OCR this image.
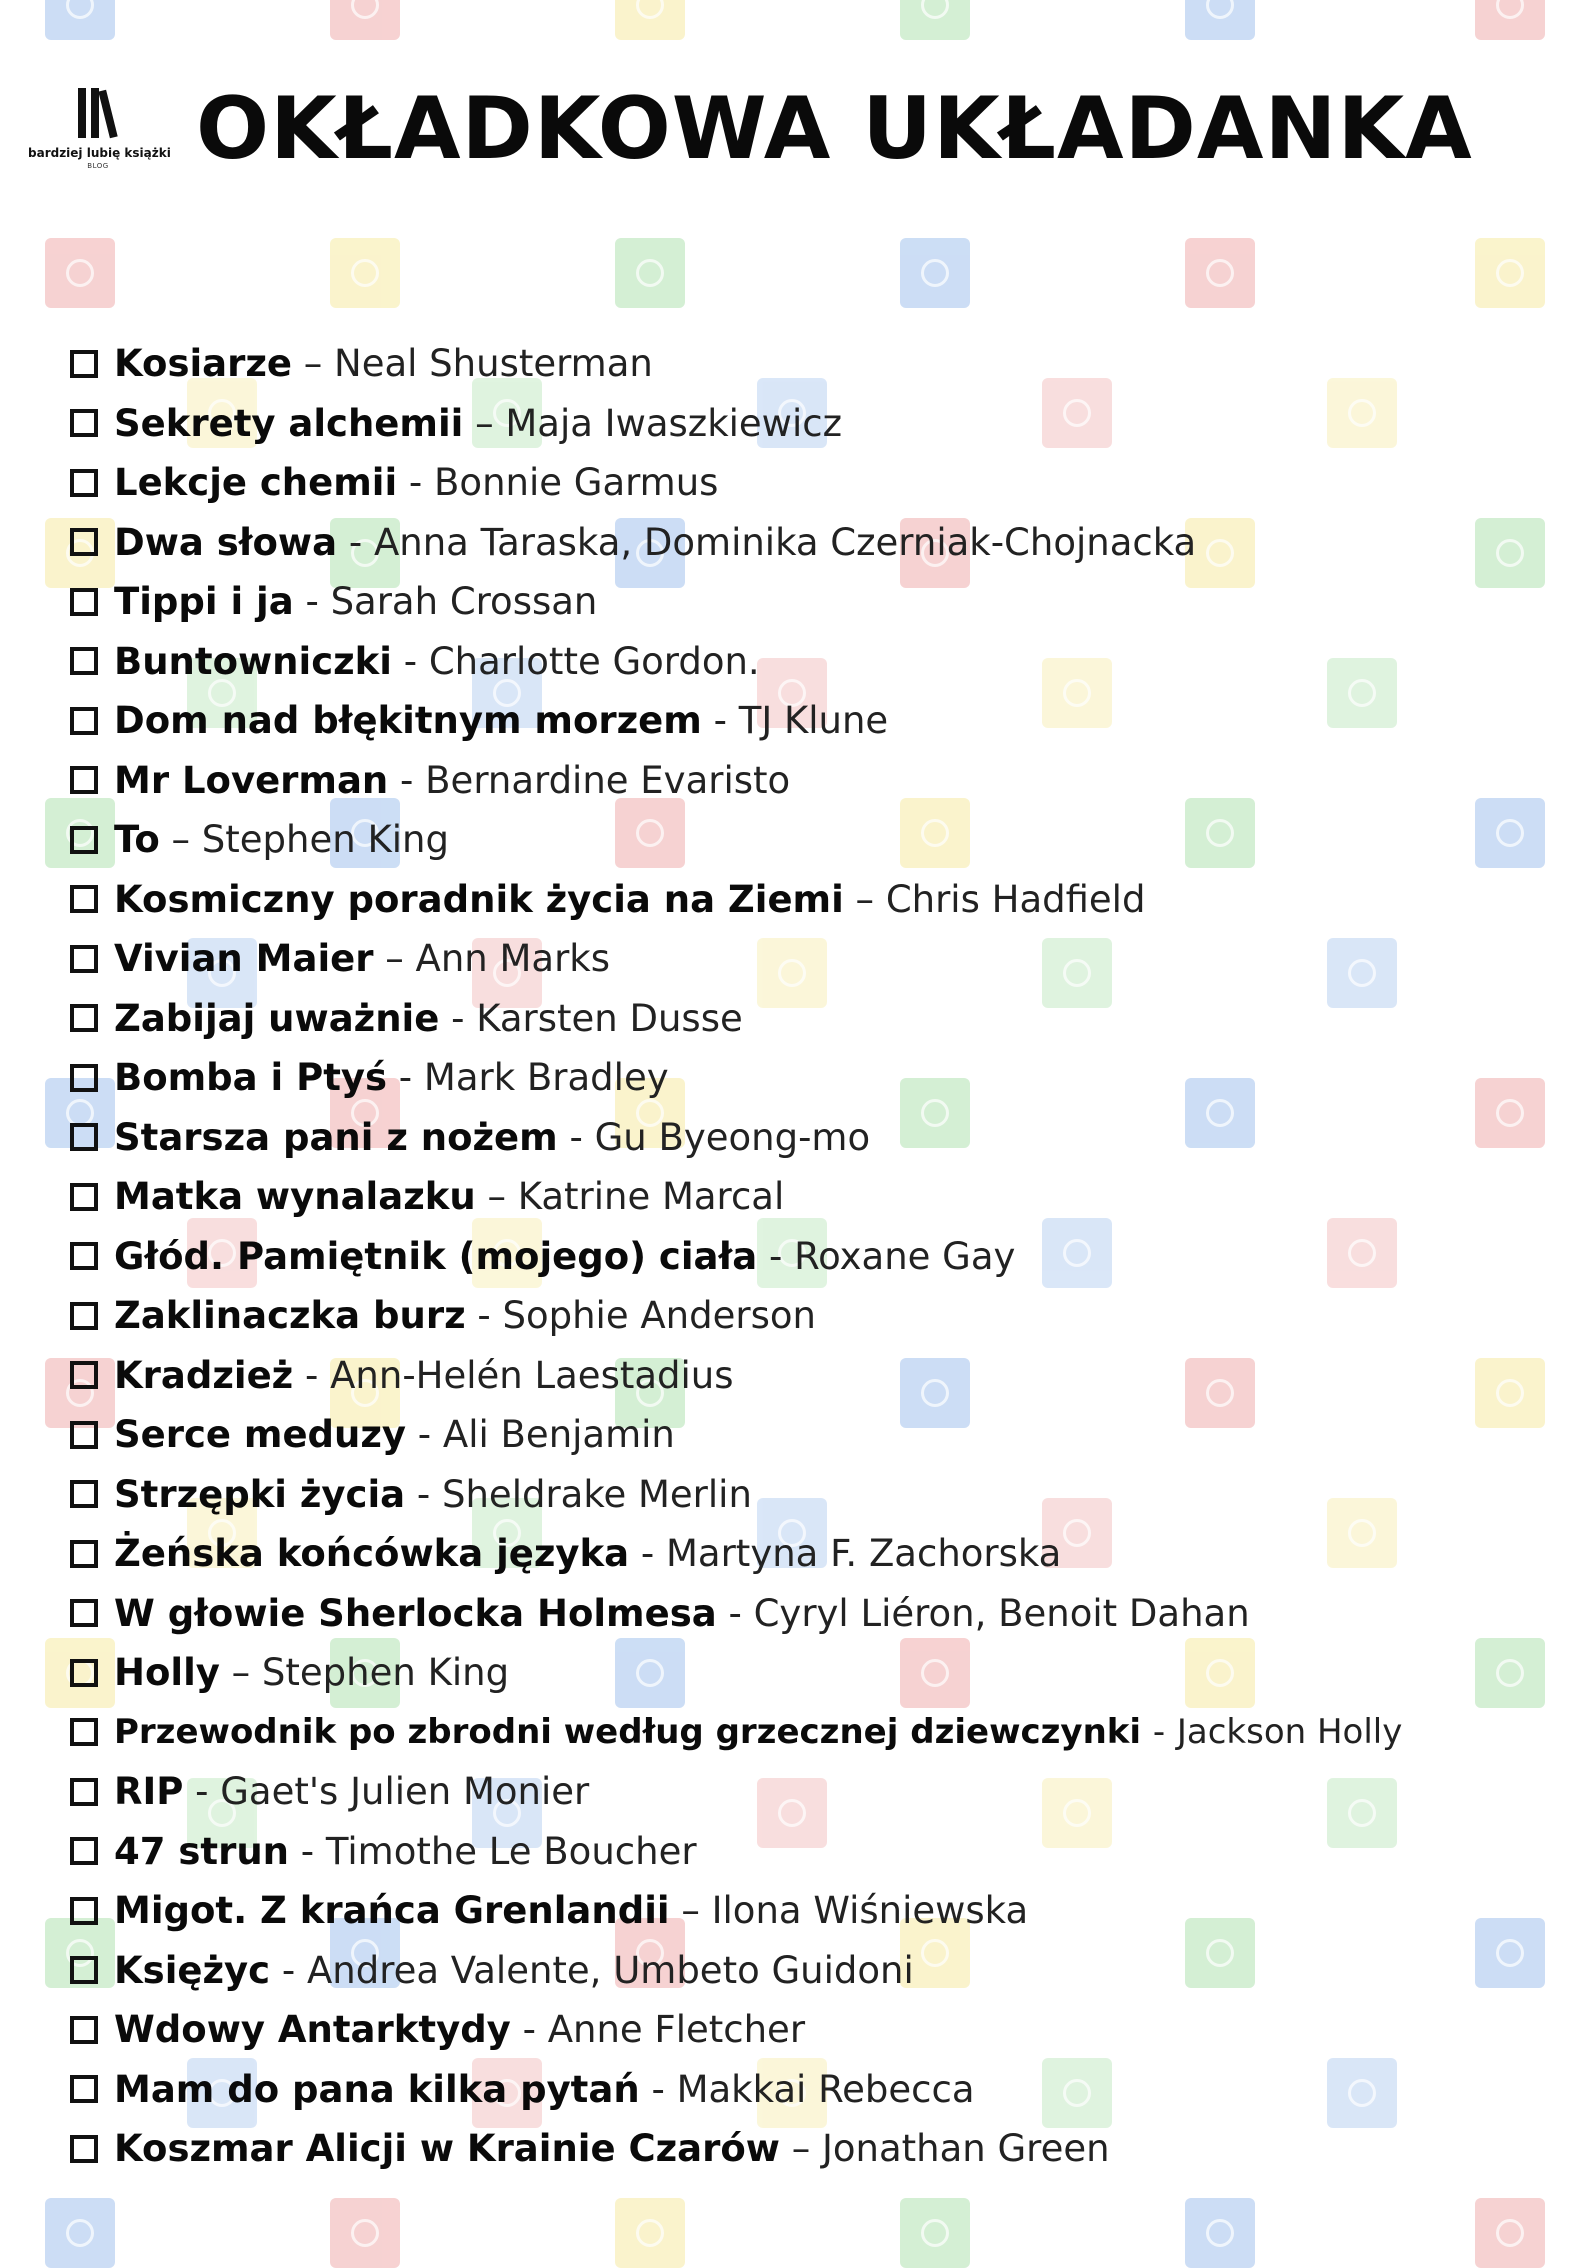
bardziej lubię książki
BLOG	OKŁADKOWA UKŁADANKA
Kosiarze
–
Neal Shusterman
Sekrety alchemii
–
Maja Iwaszkiewicz
Lekcje chemii
-
Bonnie Garmus
Dwa słowa
-
Anna Taraska, Dominika Czerniak-Chojnacka
Tippi i ja
-
Sarah Crossan
Buntowniczki
-
Charlotte Gordon.
Dom nad błękitnym morzem
-
TJ Klune
Mr Loverman
-
Bernardine Evaristo
To
–
Stephen King
Kosmiczny poradnik życia na Ziemi
–
Chris Hadfield
Vivian Maier
–
Ann Marks
Zabijaj uważnie
-
Karsten Dusse
Bomba i Ptyś
-
Mark Bradley
Starsza pani z nożem
-
Gu Byeong-mo
Matka wynalazku
–
Katrine Marcal
Głód. Pamiętnik (mojego) ciała
-
Roxane Gay
Zaklinaczka burz
-
Sophie Anderson
Kradzież
-
Ann-Helén Laestadius
Serce meduzy
-
Ali Benjamin
Strzępki życia
-
Sheldrake Merlin
Żeńska końcówka języka
-
Martyna F. Zachorska
W głowie Sherlocka Holmesa
-
Cyryl Liéron, Benoit Dahan
Holly
–
Stephen King
Przewodnik po zbrodni według grzecznej dziewczynki
-
Jackson Holly
RIP
-
Gaet's Julien Monier
47 strun
-
Timothe Le Boucher
Migot. Z krańca Grenlandii
–
Ilona Wiśniewska
Księżyc
-
Andrea Valente, Umbeto Guidoni
Wdowy Antarktydy
-
Anne Fletcher
Mam do pana kilka pytań
-
Makkai Rebecca
Koszmar Alicji w Krainie Czarów
–
Jonathan Green
